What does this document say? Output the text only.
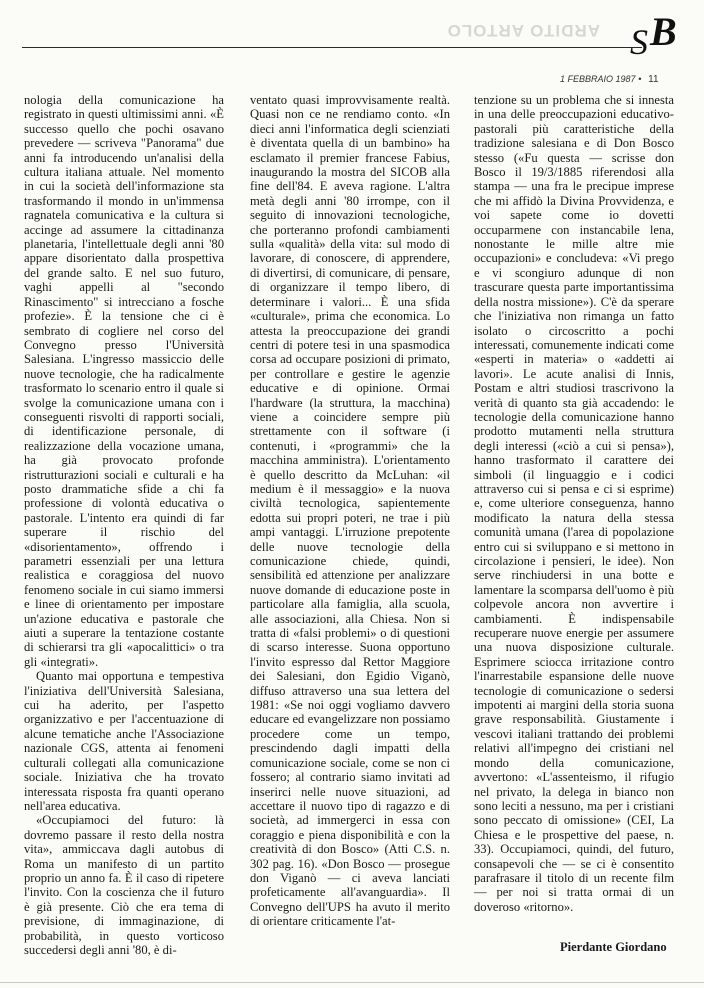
ARDITO ARTOLO S B
1 FEBBRAIO 1987 • 11

nologia della comunicazione ha registrato in questi ultimissimi anni. «È successo quello che pochi osavano prevedere — scriveva "Panorama" due anni fa introducendo un'analisi della cultura italiana attuale. Nel momento in cui la società dell'informazione sta trasformando il mondo in un'immensa ragnatela comunicativa e la cultura si accinge ad assumere la cittadinanza planetaria, l'intellettuale degli anni '80 appare disorientato dalla prospettiva del grande salto. E nel suo futuro, vaghi appelli al "secondo Rinascimento" si intrecciano a fosche profezie». È la tensione che ci è sembrato di cogliere nel corso del Convegno presso l'Università Salesiana. L'ingresso massiccio delle nuove tecnologie, che ha radicalmente trasformato lo scenario entro il quale si svolge la comunicazione umana con i conseguenti risvolti di rapporti sociali, di identificazione personale, di realizzazione della vocazione umana, ha già provocato profonde ristrutturazioni sociali e culturali e ha posto drammatiche sfide a chi fa professione di volontà educativa o pastorale. L'intento era quindi di far superare il rischio del «disorientamento», offrendo i parametri essenziali per una lettura realistica e coraggiosa del nuovo fenomeno sociale in cui siamo immersi e linee di orientamento per impostare un'azione educativa e pastorale che aiuti a superare la tentazione costante di schierarsi tra gli «apocalittici» o tra gli «integrati».

Quanto mai opportuna e tempestiva l'iniziativa dell'Università Salesiana, cui ha aderito, per l'aspetto organizzativo e per l'accentuazione di alcune tematiche anche l'Associazione nazionale CGS, attenta ai fenomeni culturali collegati alla comunicazione sociale. Iniziativa che ha trovato interessata risposta fra quanti operano nell'area educativa.

«Occupiamoci del futuro: là dovremo passare il resto della nostra vita», ammiccava dagli autobus di Roma un manifesto di un partito proprio un anno fa. È il caso di ripetere l'invito. Con la coscienza che il futuro è già presente. Ciò che era tema di previsione, di immaginazione, di probabilità, in questo vorticoso succedersi degli anni '80, è di-

ventato quasi improvvisamente realtà. Quasi non ce ne rendiamo conto. «In dieci anni l'informatica degli scienziati è diventata quella di un bambino» ha esclamato il premier francese Fabius, inaugurando la mostra del SICOB alla fine dell'84. E aveva ragione. L'altra metà degli anni '80 irrompe, con il seguito di innovazioni tecnologiche, che porteranno profondi cambiamenti sulla «qualità» della vita: sul modo di lavorare, di conoscere, di apprendere, di divertirsi, di comunicare, di pensare, di organizzare il tempo libero, di determinare i valori... È una sfida «culturale», prima che economica. Lo attesta la preoccupazione dei grandi centri di potere tesi in una spasmodica corsa ad occupare posizioni di primato, per controllare e gestire le agenzie educative e di opinione. Ormai l'hardware (la struttura, la macchina) viene a coincidere sempre più strettamente con il software (i contenuti, i «programmi» che la macchina amministra). L'orientamento è quello descritto da McLuhan: «il medium è il messaggio» e la nuova civiltà tecnologica, sapientemente edotta sui propri poteri, ne trae i più ampi vantaggi. L'irruzione prepotente delle nuove tecnologie della comunicazione chiede, quindi, sensibilità ed attenzione per analizzare nuove domande di educazione poste in particolare alla famiglia, alla scuola, alle associazioni, alla Chiesa. Non si tratta di «falsi problemi» o di questioni di scarso interesse. Suona opportuno l'invito espresso dal Rettor Maggiore dei Salesiani, don Egidio Viganò, diffuso attraverso una sua lettera del 1981: «Se noi oggi vogliamo davvero educare ed evangelizzare non possiamo procedere come un tempo, prescindendo dagli impatti della comunicazione sociale, come se non ci fossero; al contrario siamo invitati ad inserirci nelle nuove situazioni, ad accettare il nuovo tipo di ragazzo e di società, ad immergerci in essa con coraggio e piena disponibilità e con la creatività di don Bosco» (Atti C.S. n. 302 pag. 16). «Don Bosco — prosegue don Viganò — ci aveva lanciati profeticamente all'avanguardia». Il Convegno dell'UPS ha avuto il merito di orientare criticamente l'at-

tenzione su un problema che si innesta in una delle preoccupazioni educativo-pastorali più caratteristiche della tradizione salesiana e di Don Bosco stesso («Fu questa — scrisse don Bosco il 19/3/1885 riferendosi alla stampa — una fra le precipue imprese che mi affidò la Divina Provvidenza, e voi sapete come io dovetti occuparmene con instancabile lena, nonostante le mille altre mie occupazioni» e concludeva: «Vi prego e vi scongiuro adunque di non trascurare questa parte importantissima della nostra missione»). C'è da sperare che l'iniziativa non rimanga un fatto isolato o circoscritto a pochi interessati, comunemente indicati come «esperti in materia» o «addetti ai lavori». Le acute analisi di Innis, Postam e altri studiosi trascrivono la verità di quanto sta già accadendo: le tecnologie della comunicazione hanno prodotto mutamenti nella struttura degli interessi («ciò a cui si pensa»), hanno trasformato il carattere dei simboli (il linguaggio e i codici attraverso cui si pensa e ci si esprime) e, come ulteriore conseguenza, hanno modificato la natura della stessa comunità umana (l'area di popolazione entro cui si sviluppano e si mettono in circolazione i pensieri, le idee). Non serve rinchiudersi in una botte e lamentare la scomparsa dell'uomo è più colpevole ancora non avvertire i cambiamenti. È indispensabile recuperare nuove energie per assumere una nuova disposizione culturale. Esprimere sciocca irritazione contro l'inarrestabile espansione delle nuove tecnologie di comunicazione o sedersi impotenti ai margini della storia suona grave responsabilità. Giustamente i vescovi italiani trattando dei problemi relativi all'impegno dei cristiani nel mondo della comunicazione, avvertono: «L'assenteismo, il rifugio nel privato, la delega in bianco non sono leciti a nessuno, ma per i cristiani sono peccato di omissione» (CEI, La Chiesa e le prospettive del paese, n. 33). Occupiamoci, quindi, del futuro, consapevoli che — se ci è consentito parafrasare il titolo di un recente film — per noi si tratta ormai di un doveroso «ritorno».

Pierdante Giordano
